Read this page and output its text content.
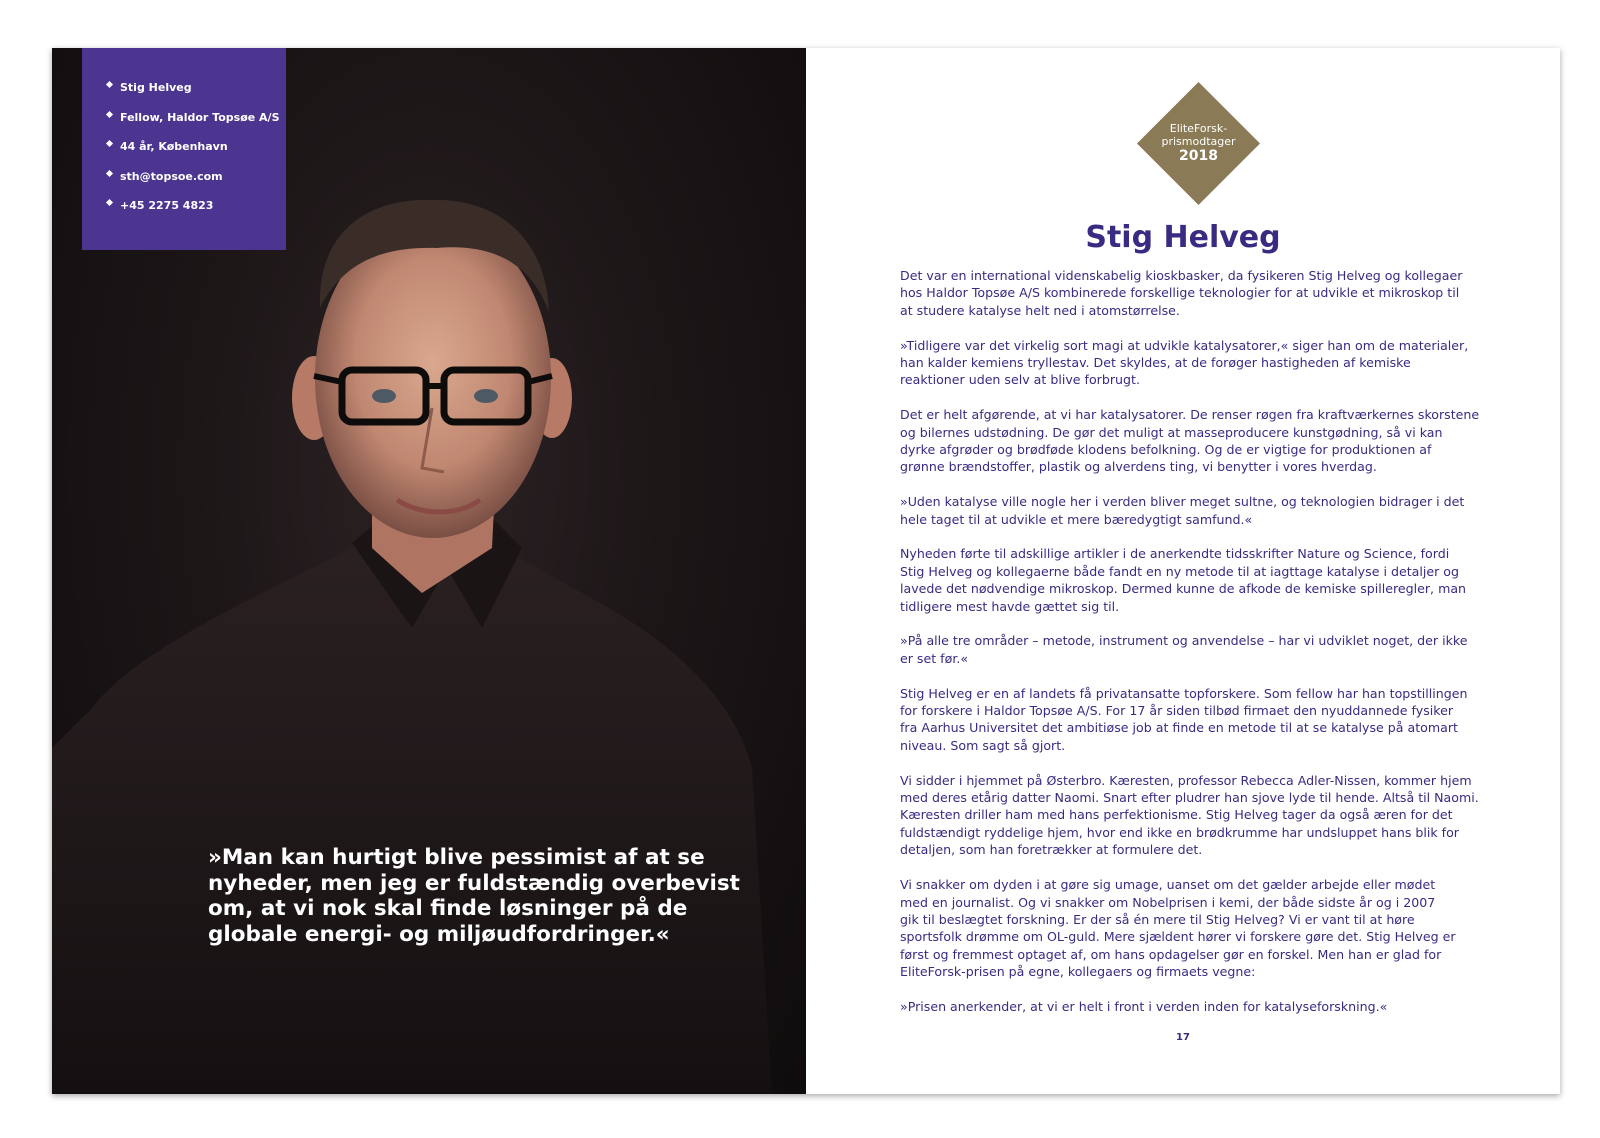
Stig Helveg
Fellow, Haldor Topsøe A/S
44 år, København
sth@topsoe.com
+45 2275 4823

»Man kan hurtigt blive pessimist af at se

nyheder, men jeg er fuldstændig overbevist

om, at vi nok skal finde løsninger på de

globale energi- og miljøudfordringer.«

EliteForsk-
prismodtager
2018
Stig Helveg

Det var en international videnskabelig kioskbasker, da fysikeren Stig Helveg og kollegaer
hos Haldor Topsøe A/S kombinerede forskellige teknologier for at udvikle et mikroskop til
at studere katalyse helt ned i atomstørrelse.

»Tidligere var det virkelig sort magi at udvikle katalysatorer,« siger han om de materialer,
han kalder kemiens tryllestav. Det skyldes, at de forøger hastigheden af kemiske
reaktioner uden selv at blive forbrugt.

Det er helt afgørende, at vi har katalysatorer. De renser røgen fra kraftværkernes skorstene
og bilernes udstødning. De gør det muligt at masseproducere kunstgødning, så vi kan
dyrke afgrøder og brødføde klodens befolkning. Og de er vigtige for produktionen af
grønne brændstoffer, plastik og alverdens ting, vi benytter i vores hverdag.

»Uden katalyse ville nogle her i verden bliver meget sultne, og teknologien bidrager i det
hele taget til at udvikle et mere bæredygtigt samfund.«

Nyheden førte til adskillige artikler i de anerkendte tidsskrifter Nature og Science, fordi
Stig Helveg og kollegaerne både fandt en ny metode til at iagttage katalyse i detaljer og
lavede det nødvendige mikroskop. Dermed kunne de afkode de kemiske spilleregler, man
tidligere mest havde gættet sig til.

»På alle tre områder – metode, instrument og anvendelse – har vi udviklet noget, der ikke
er set før.«

Stig Helveg er en af landets få privatansatte topforskere. Som fellow har han topstillingen
for forskere i Haldor Topsøe A/S. For 17 år siden tilbød firmaet den nyuddannede fysiker
fra Aarhus Universitet det ambitiøse job at finde en metode til at se katalyse på atomart
niveau. Som sagt så gjort.

Vi sidder i hjemmet på Østerbro. Kæresten, professor Rebecca Adler-Nissen, kommer hjem
med deres etårig datter Naomi. Snart efter pludrer han sjove lyde til hende. Altså til Naomi.
Kæresten driller ham med hans perfektionisme. Stig Helveg tager da også æren for det
fuldstændigt ryddelige hjem, hvor end ikke en brødkrumme har undsluppet hans blik for
detaljen, som han foretrækker at formulere det.

Vi snakker om dyden i at gøre sig umage, uanset om det gælder arbejde eller mødet
med en journalist. Og vi snakker om Nobelprisen i kemi, der både sidste år og i 2007
gik til beslægtet forskning. Er der så én mere til Stig Helveg? Vi er vant til at høre
sportsfolk drømme om OL-guld. Mere sjældent hører vi forskere gøre det. Stig Helveg er
først og fremmest optaget af, om hans opdagelser gør en forskel. Men han er glad for
EliteForsk-prisen på egne, kollegaers og firmaets vegne:

»Prisen anerkender, at vi er helt i front i verden inden for katalyseforskning.«

17
